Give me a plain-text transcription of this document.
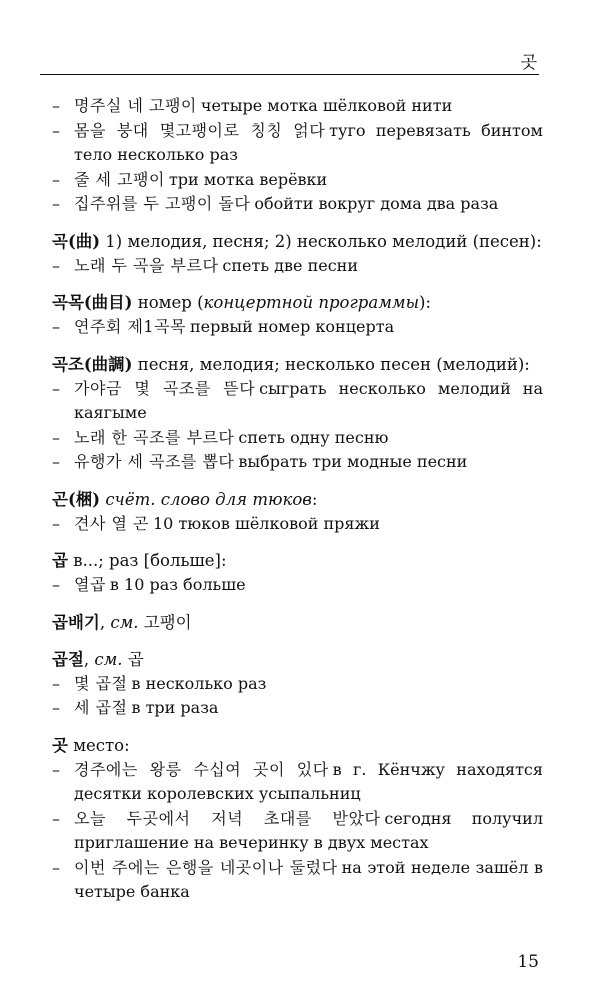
곳
– 명주실 네 고팽이 четыре мотка шёлковой нити
– 몸을 붕대 몇고팽이로 칭칭 얽다 туго перевязать бинтом тело несколько раз
– 줄 세 고팽이 три мотка верёвки
– 집주위를 두 고팽이 돌다 обойти вокруг дома два раза
곡(曲) 1) мелодия, песня; 2) несколько мелодий (песен):
– 노래 두 곡을 부르다 спеть две песни
곡목(曲目) номер (концертной программы):
– 연주회 제1곡목 первый номер концерта
곡조(曲調) песня, мелодия; несколько песен (мелодий):
– 가야금 몇 곡조를 뜯다 сыграть несколько мелодий на каягыме
– 노래 한 곡조를 부르다 спеть одну песню
– 유행가 세 곡조를 뽑다 выбрать три модные песни
곤(梱) счёт. слово для тюков:
– 견사 열 곤 10 тюков шёлковой пряжи
곱 в...; раз [больше]:
– 열곱 в 10 раз больше
곱배기, см. 고팽이
곱절, см. 곱
– 몇 곱절 в несколько раз
– 세 곱절 в три раза
곳 место:
– 경주에는 왕릉 수십여 곳이 있다 в г. Кёнчжу находятся десятки королевских усыпальниц
– 오늘 두곳에서 저녁 초대를 받았다 сегодня получил приглашение на вечеринку в двух местах
– 이번 주에는 은행을 네곳이나 둘렀다 на этой неделе зашёл в четыре банка
15
